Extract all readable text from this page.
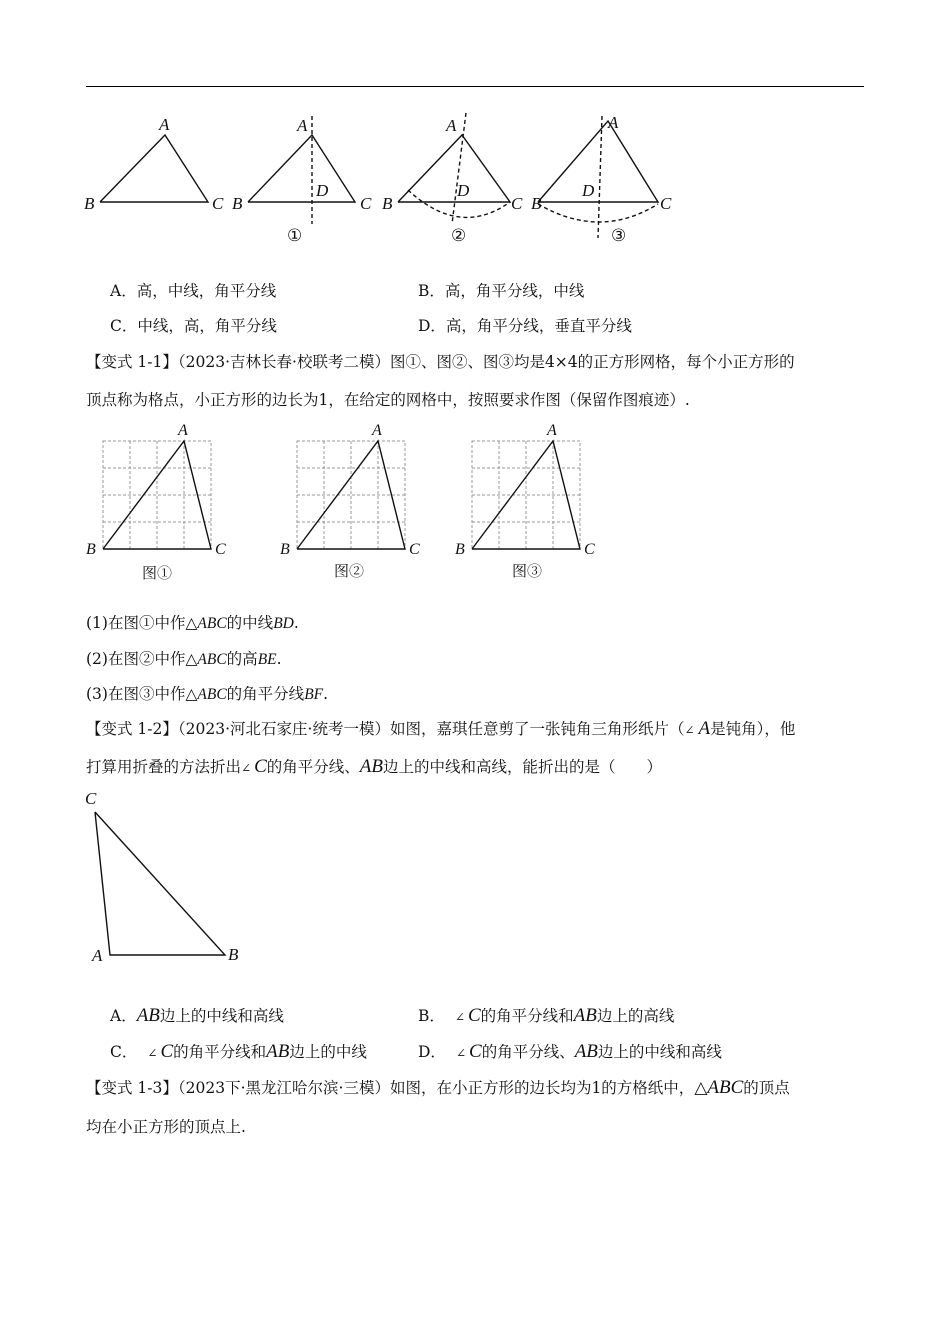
A
B	C
A
B	C
D
A
B	C
D
A
B	C
D
①	②	③
A．高，中线，角平分线	B．高，角平分线，中线
C．中线，高，角平分线	D．高，角平分线，垂直平分线
【变式 1-1】（2023·吉林长春·校联考二模）图①、图②、图③均是4×4的正方形网格，每个小正方形的
顶点称为格点，小正方形的边长为1，在给定的网格中，按照要求作图（保留作图痕迹）.
A
B	C
A
B	C
A
B	C
图①	图②	图③
(1)在图①中作△ABC的中线BD.
(2)在图②中作△ABC的高BE.
(3)在图③中作△ABC的角平分线BF.
【变式 1-2】（2023·河北石家庄·统考一模）如图，嘉琪任意剪了一张钝角三角形纸片（∠ A是钝角），他
打算用折叠的方法折出∠ C的角平分线、AB边上的中线和高线，能折出的是（　　）
C
A	B
A．AB边上的中线和高线	B． ∠ C的角平分线和AB边上的高线
C． ∠ C的角平分线和AB边上的中线	D． ∠ C的角平分线、AB边上的中线和高线
【变式 1-3】（2023下·黑龙江哈尔滨·三模）如图，在小正方形的边长均为1的方格纸中，△ABC的顶点
均在小正方形的顶点上.
